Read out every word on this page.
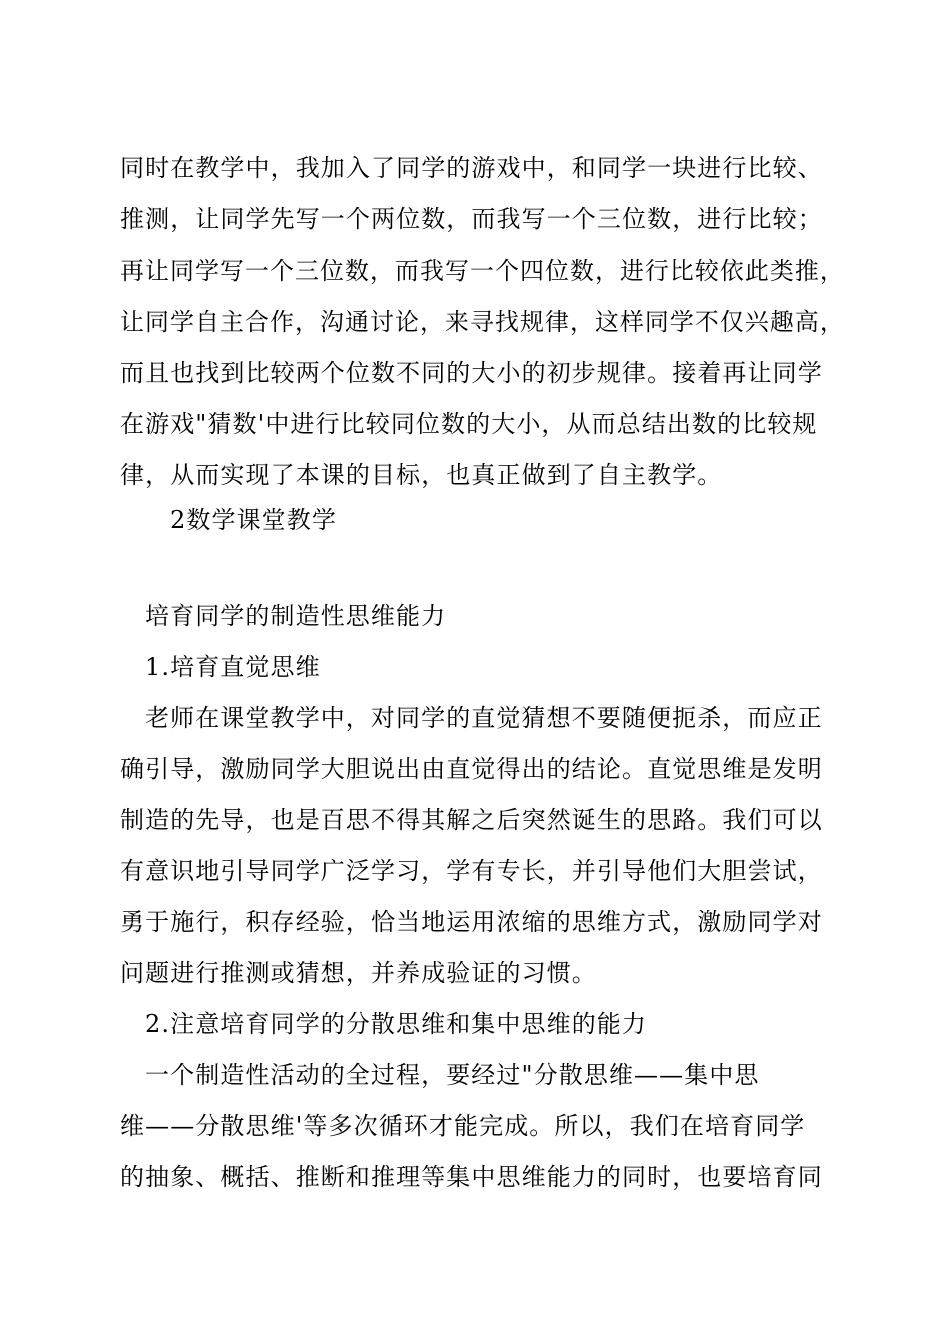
同时在教学中，我加入了同学的游戏中，和同学一块进行比较、
推测，让同学先写一个两位数，而我写一个三位数，进行比较；
再让同学写一个三位数，而我写一个四位数，进行比较依此类推，
让同学自主合作，沟通讨论，来寻找规律，这样同学不仅兴趣高，
而且也找到比较两个位数不同的大小的初步规律。接着再让同学
在游戏"猜数'中进行比较同位数的大小，从而总结出数的比较规
律，从而实现了本课的目标，也真正做到了自主教学。
2数学课堂教学
培育同学的制造性思维能力
1.培育直觉思维
老师在课堂教学中，对同学的直觉猜想不要随便扼杀，而应正
确引导，激励同学大胆说出由直觉得出的结论。直觉思维是发明
制造的先导，也是百思不得其解之后突然诞生的思路。我们可以
有意识地引导同学广泛学习，学有专长，并引导他们大胆尝试，
勇于施行，积存经验，恰当地运用浓缩的思维方式，激励同学对
问题进行推测或猜想，并养成验证的习惯。
2.注意培育同学的分散思维和集中思维的能力
一个制造性活动的全过程，要经过"分散思维——集中思
维——分散思维'等多次循环才能完成。所以，我们在培育同学
的抽象、概括、推断和推理等集中思维能力的同时，也要培育同
